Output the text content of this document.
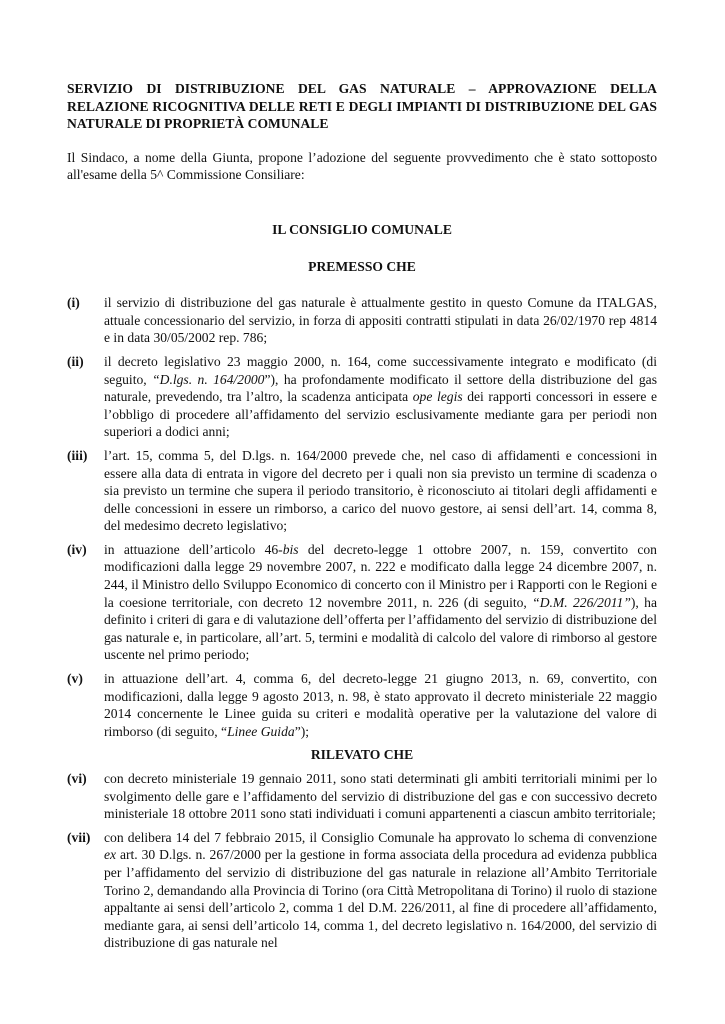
SERVIZIO DI DISTRIBUZIONE DEL GAS NATURALE – APPROVAZIONE DELLA RELAZIONE RICOGNITIVA DELLE RETI E DEGLI IMPIANTI DI DISTRIBUZIONE DEL GAS NATURALE DI PROPRIETÀ COMUNALE
Il Sindaco, a nome della Giunta, propone l’adozione del seguente provvedimento che è stato sottoposto all'esame della 5^ Commissione Consiliare:
IL CONSIGLIO COMUNALE
PREMESSO CHE
(i)	il servizio di distribuzione del gas naturale è attualmente gestito in questo Comune da ITALGAS, attuale concessionario del servizio, in forza di appositi contratti stipulati in data 26/02/1970 rep 4814 e in data 30/05/2002 rep. 786;
(ii)	il decreto legislativo 23 maggio 2000, n. 164, come successivamente integrato e modificato (di seguito, “D.lgs. n. 164/2000”), ha profondamente modificato il settore della distribuzione del gas naturale, prevedendo, tra l’altro, la scadenza anticipata ope legis dei rapporti concessori in essere e l’obbligo di procedere all’affidamento del servizio esclusivamente mediante gara per periodi non superiori a dodici anni;
(iii)	l’art. 15, comma 5, del D.lgs. n. 164/2000 prevede che, nel caso di affidamenti e concessioni in essere alla data di entrata in vigore del decreto per i quali non sia previsto un termine di scadenza o sia previsto un termine che supera il periodo transitorio, è riconosciuto ai titolari degli affidamenti e delle concessioni in essere un rimborso, a carico del nuovo gestore, ai sensi dell’art. 14, comma 8, del medesimo decreto legislativo;
(iv)	in attuazione dell’articolo 46-bis del decreto-legge 1 ottobre 2007, n. 159, convertito con modificazioni dalla legge 29 novembre 2007, n. 222 e modificato dalla legge 24 dicembre 2007, n. 244, il Ministro dello Sviluppo Economico di concerto con il Ministro per i Rapporti con le Regioni e la coesione territoriale, con decreto 12 novembre 2011, n. 226 (di seguito, “D.M. 226/2011”), ha definito i criteri di gara e di valutazione dell’offerta per l’affidamento del servizio di distribuzione del gas naturale e, in particolare, all’art. 5, termini e modalità di calcolo del valore di rimborso al gestore uscente nel primo periodo;
(v)	in attuazione dell’art. 4, comma 6, del decreto-legge 21 giugno 2013, n. 69, convertito, con modificazioni, dalla legge 9 agosto 2013, n. 98, è stato approvato il decreto ministeriale 22 maggio 2014 concernente le Linee guida su criteri e modalità operative per la valutazione del valore di rimborso (di seguito, “Linee Guida”);
RILEVATO CHE
(vi)	con decreto ministeriale 19 gennaio 2011, sono stati determinati gli ambiti territoriali minimi per lo svolgimento delle gare e l’affidamento del servizio di distribuzione del gas e con successivo decreto ministeriale 18 ottobre 2011 sono stati individuati i comuni appartenenti a ciascun ambito territoriale;
(vii) con delibera 14 del 7 febbraio 2015, il Consiglio Comunale ha approvato lo schema di convenzione ex art. 30 D.lgs. n. 267/2000 per la gestione in forma associata della procedura ad evidenza pubblica per l’affidamento del servizio di distribuzione del gas naturale in relazione all’Ambito Territoriale Torino 2, demandando alla Provincia di Torino (ora Città Metropolitana di Torino) il ruolo di stazione appaltante ai sensi dell’articolo 2, comma 1 del D.M. 226/2011, al fine di procedere all’affidamento, mediante gara, ai sensi dell’articolo 14, comma 1, del decreto legislativo n. 164/2000, del servizio di distribuzione di gas naturale nel
